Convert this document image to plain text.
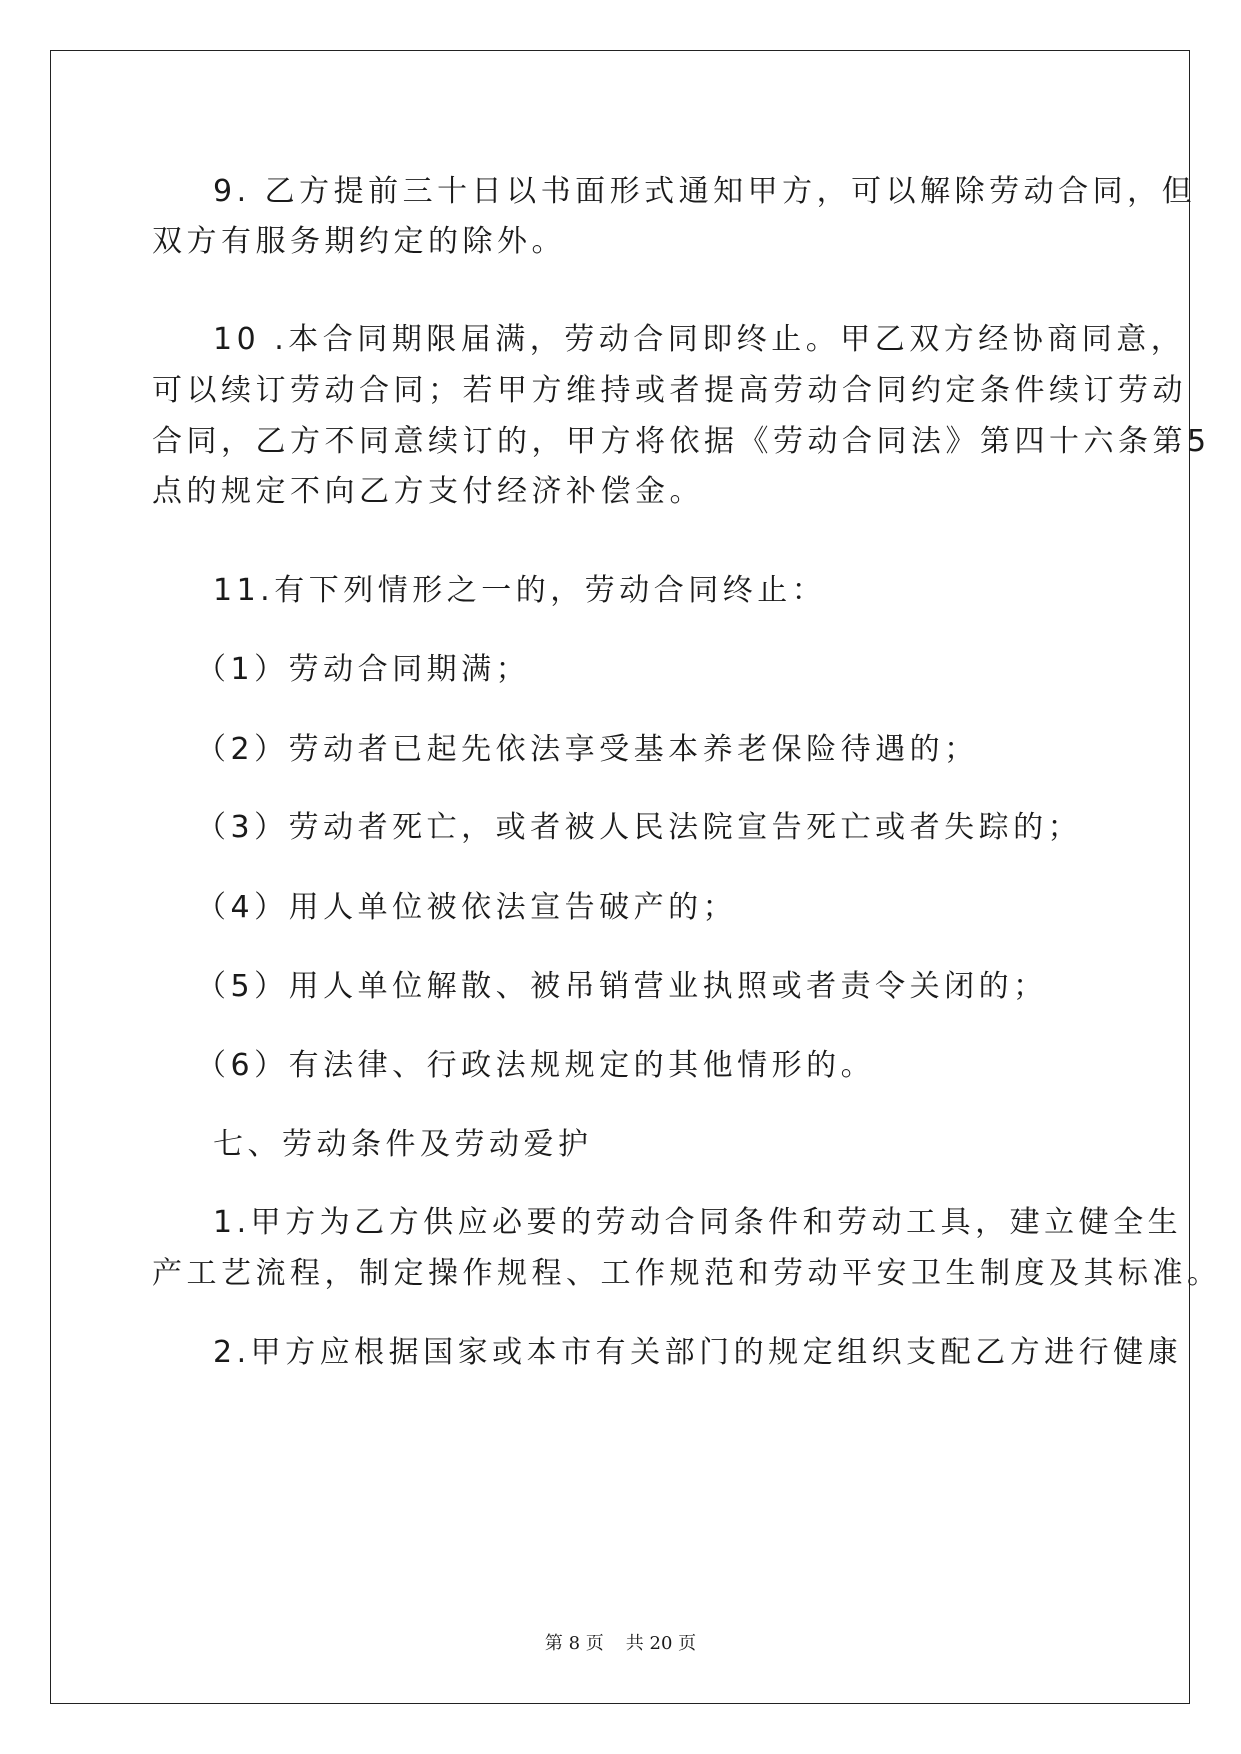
9. 乙方提前三十日以书面形式通知甲方，可以解除劳动合同，但
双方有服务期约定的除外。
10 .本合同期限届满，劳动合同即终止。甲乙双方经协商同意，
可以续订劳动合同；若甲方维持或者提高劳动合同约定条件续订劳动
合同，乙方不同意续订的，甲方将依据《劳动合同法》第四十六条第5
点的规定不向乙方支付经济补偿金。
11.有下列情形之一的，劳动合同终止：
（1）劳动合同期满；
（2）劳动者已起先依法享受基本养老保险待遇的；
（3）劳动者死亡，或者被人民法院宣告死亡或者失踪的；
（4）用人单位被依法宣告破产的；
（5）用人单位解散、被吊销营业执照或者责令关闭的；
（6）有法律、行政法规规定的其他情形的。
七、劳动条件及劳动爱护
1.甲方为乙方供应必要的劳动合同条件和劳动工具，建立健全生
产工艺流程，制定操作规程、工作规范和劳动平安卫生制度及其标准。
2.甲方应根据国家或本市有关部门的规定组织支配乙方进行健康
第 8 页 共 20 页
